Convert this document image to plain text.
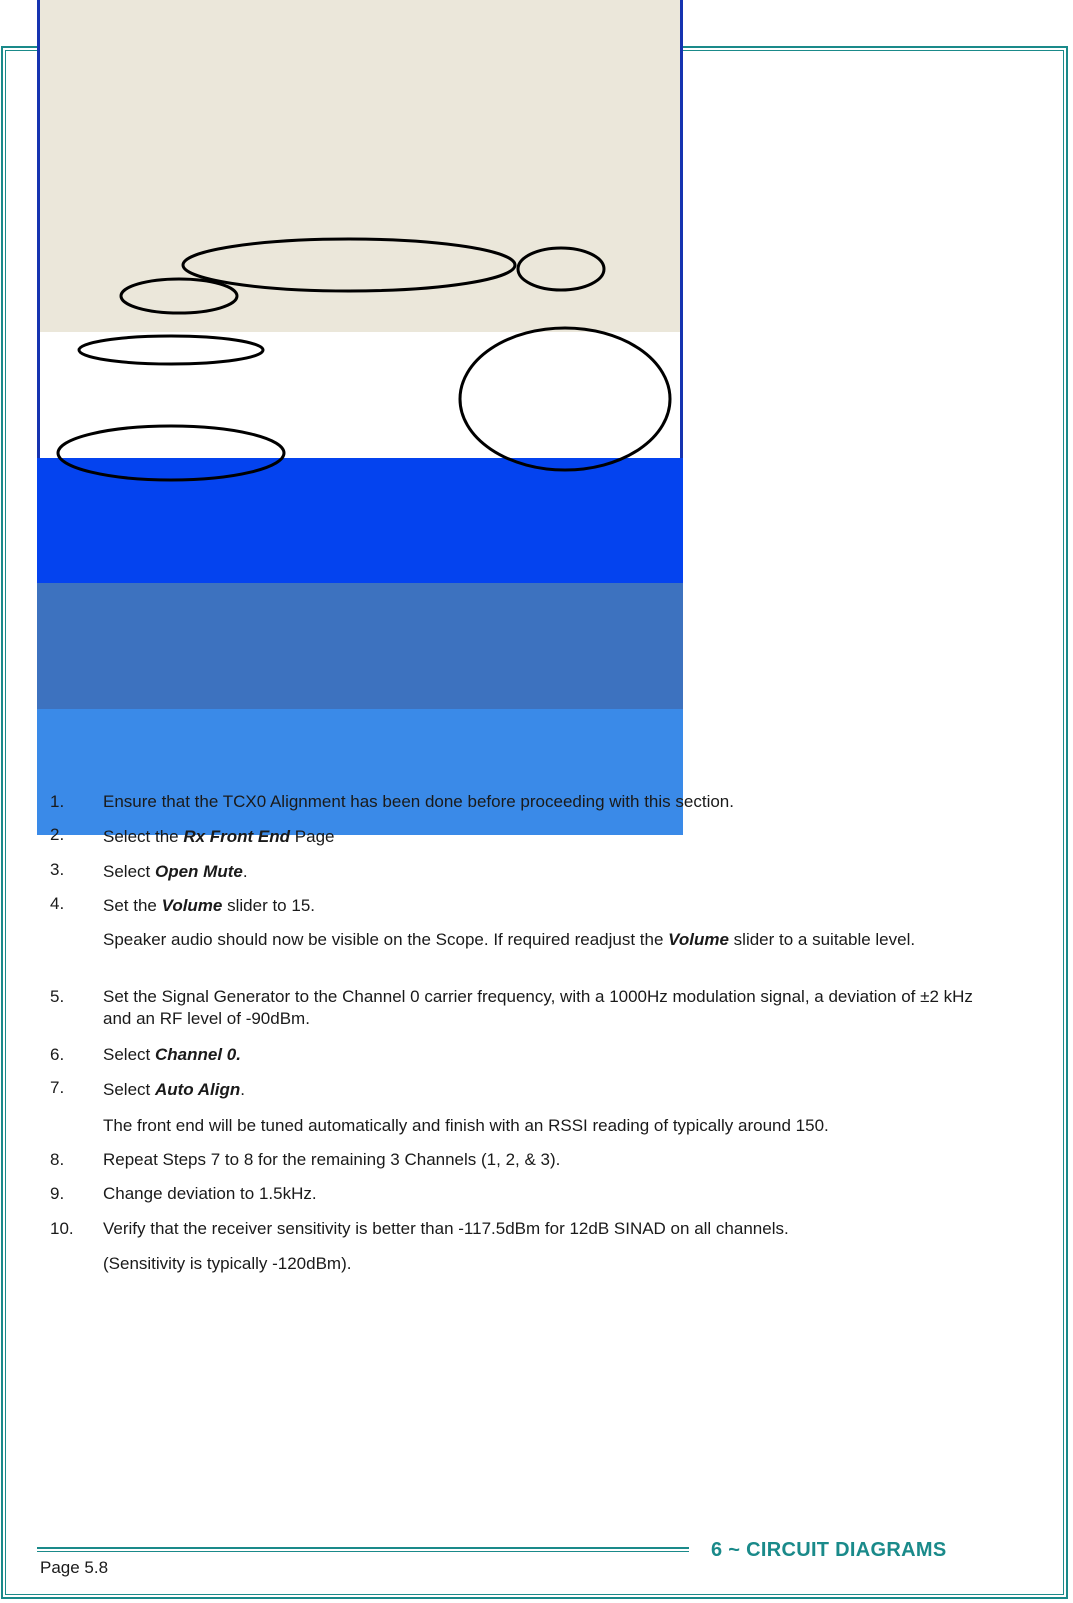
1. Ensure that the TCX0 Alignment has been done before proceeding with this section.
2. Select the Rx Front End Page
3. Select Open Mute.
4. Set the Volume slider to 15.
Speaker audio should now be visible on the Scope. If required readjust the Volume slider to a suitable level.
5. Set the Signal Generator to the Channel 0 carrier frequency, with a 1000Hz modulation signal, a deviation of ±2 kHz and an RF level of -90dBm.
6. Select Channel 0.
7. Select Auto Align.
The front end will be tuned automatically and finish with an RSSI reading of typically around 150.
8. Repeat Steps 7 to 8 for the remaining 3 Channels (1, 2, & 3).
9. Change deviation to 1.5kHz.
10. Verify that the receiver sensitivity is better than -117.5dBm for 12dB SINAD on all channels.
(Sensitivity is typically -120dBm).
Page 5.8
6 ~ CIRCUIT DIAGRAMS
